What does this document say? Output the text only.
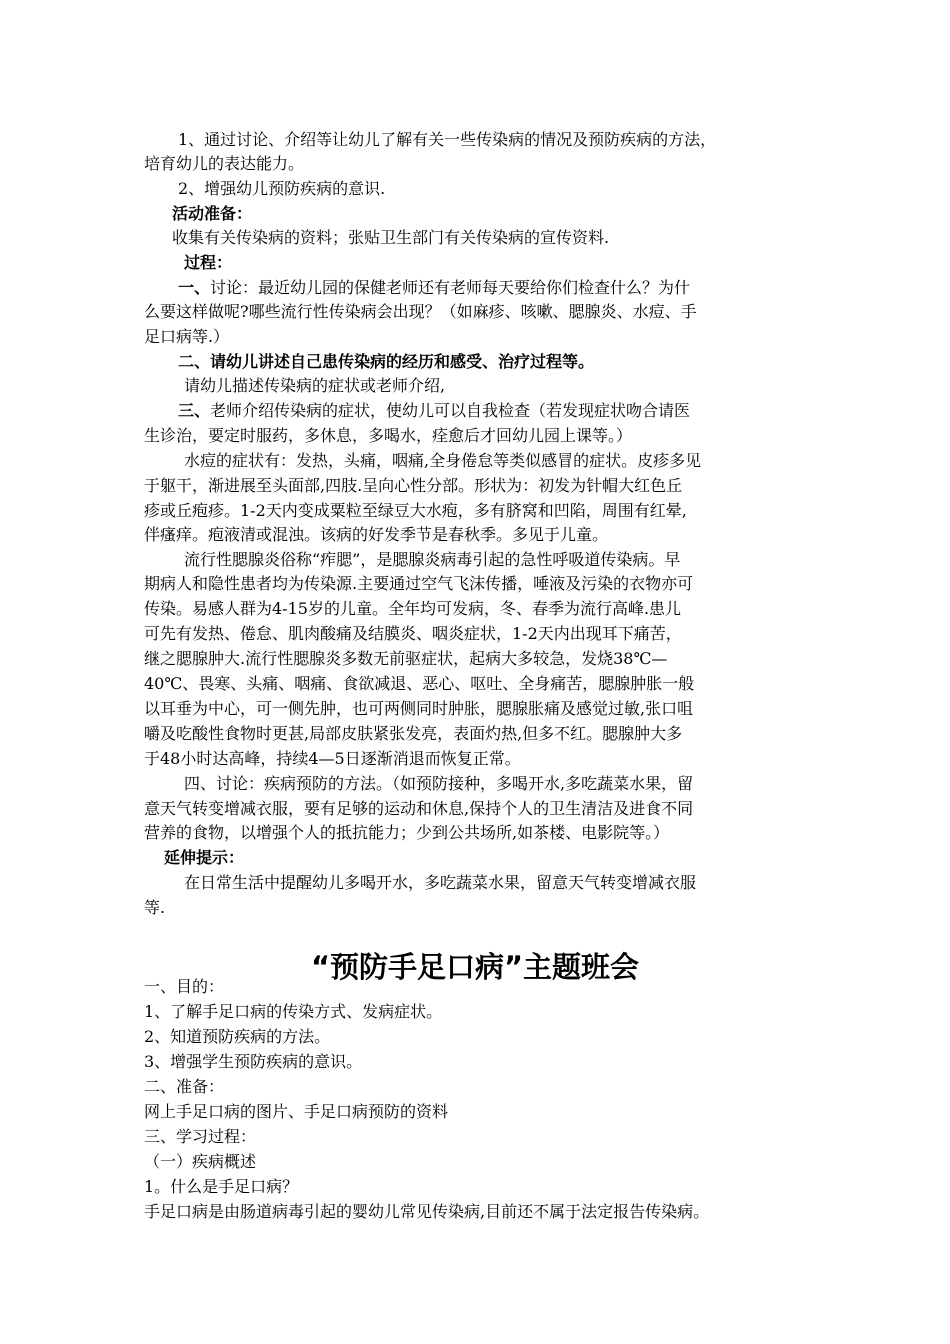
1、通过讨论、介绍等让幼儿了解有关一些传染病的情况及预防疾病的方法，

培育幼儿的表达能力。

2、增强幼儿预防疾病的意识.

活动准备：

收集有关传染病的资料；张贴卫生部门有关传染病的宣传资料.

过程：

一、讨论：最近幼儿园的保健老师还有老师每天要给你们检查什么？为什

么要这样做呢?哪些流行性传染病会出现？（如麻疹、咳嗽、腮腺炎、水痘、手

足口病等.）

二、请幼儿讲述自己患传染病的经历和感受、治疗过程等。

请幼儿描述传染病的症状或老师介绍,

三、老师介绍传染病的症状，使幼儿可以自我检查（若发现症状吻合请医

生诊治，要定时服药，多休息，多喝水，痊愈后才回幼儿园上课等。）

水痘的症状有：发热，头痛，咽痛,全身倦怠等类似感冒的症状。皮疹多见

于躯干，渐进展至头面部,四肢.呈向心性分部。形状为：初发为针帽大红色丘

疹或丘疱疹。1-2天内变成粟粒至绿豆大水疱，多有脐窝和凹陷，周围有红晕,

伴瘙痒。疱液清或混浊。该病的好发季节是春秋季。多见于儿童。

流行性腮腺炎俗称“痄腮”，是腮腺炎病毒引起的急性呼吸道传染病。早

期病人和隐性患者均为传染源.主要通过空气飞沫传播，唾液及污染的衣物亦可

传染。易感人群为4-15岁的儿童。全年均可发病，冬、春季为流行高峰.患儿

可先有发热、倦怠、肌肉酸痛及结膜炎、咽炎症状，1-2天内出现耳下痛苦，

继之腮腺肿大.流行性腮腺炎多数无前驱症状，起病大多较急，发烧38℃—

40℃、畏寒、头痛、咽痛、食欲减退、恶心、呕吐、全身痛苦，腮腺肿胀一般

以耳垂为中心，可一侧先肿，也可两侧同时肿胀，腮腺胀痛及感觉过敏,张口咀

嚼及吃酸性食物时更甚,局部皮肤紧张发亮，表面灼热,但多不红。腮腺肿大多

于48小时达高峰，持续4—5日逐渐消退而恢复正常。

四、讨论：疾病预防的方法。（如预防接种，多喝开水,多吃蔬菜水果，留

意天气转变增减衣服，要有足够的运动和休息,保持个人的卫生清洁及进食不同

营养的食物，以增强个人的抵抗能力；少到公共场所,如茶楼、电影院等。）

延伸提示：

在日常生活中提醒幼儿多喝开水，多吃蔬菜水果，留意天气转变增减衣服

等.

“预防手足口病”主题班会

一、目的：

1、了解手足口病的传染方式、发病症状。

2、知道预防疾病的方法。

3、增强学生预防疾病的意识。

二、准备：

网上手足口病的图片、手足口病预防的资料

三、学习过程：

（一）疾病概述

1。什么是手足口病？

手足口病是由肠道病毒引起的婴幼儿常见传染病,目前还不属于法定报告传染病。
